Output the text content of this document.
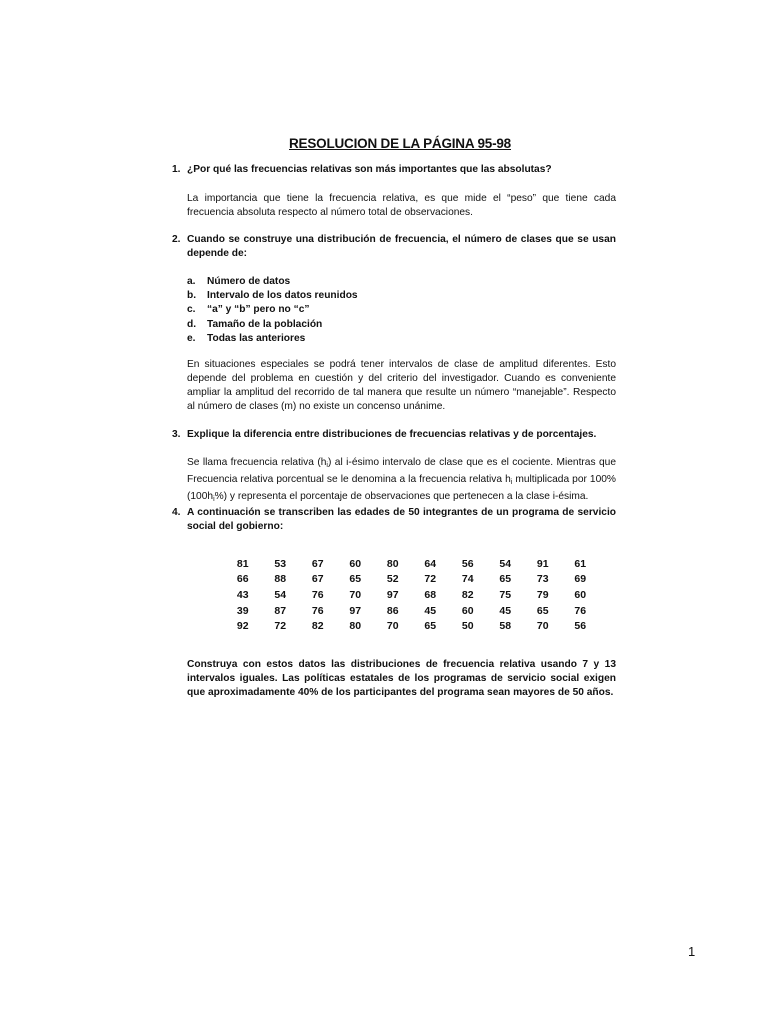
RESOLUCION DE LA PÁGINA 95-98
1. ¿Por qué las frecuencias relativas son más importantes que las absolutas?
La importancia que tiene la frecuencia relativa, es que mide el “peso” que tiene cada frecuencia absoluta respecto al número total de observaciones.
2. Cuando se construye una distribución de frecuencia, el número de clases que se usan depende de:
a. Número de datos
b. Intervalo de los datos reunidos
c. “a” y “b” pero no “c”
d. Tamaño de la población
e. Todas las anteriores
En situaciones especiales se podrá tener intervalos de clase de amplitud diferentes. Esto depende del problema en cuestión y del criterio del investigador. Cuando es conveniente ampliar la amplitud del recorrido de tal manera que resulte un número “manejable”. Respecto al número de clases (m) no existe un concenso unánime.
3. Explique la diferencia entre distribuciones de frecuencias relativas y de porcentajes.
Se llama frecuencia relativa $(h_i)$ al i-ésimo intervalo de clase que es el cociente. Mientras que Frecuencia relativa porcentual se le denomina a la frecuencia relativa $h_i$ multiplicada por 100% $(100h_i\%)$ y representa el porcentaje de observaciones que pertenecen a la clase i-ésima.
4. A continuación se transcriben las edades de 50 integrantes de un programa de servicio social del gobierno:
81	53	67	60	80	64	56	54	91	61
66	88	67	65	52	72	74	65	73	69
43	54	76	70	97	68	82	75	79	60
39	87	76	97	86	45	60	45	65	76
92	72	82	80	70	65	50	58	70	56
Construya con estos datos las distribuciones de frecuencia relativa usando 7 y 13 intervalos iguales. Las políticas estatales de los programas de servicio social exigen que aproximadamente 40% de los participantes del programa sean mayores de 50 años.
1
